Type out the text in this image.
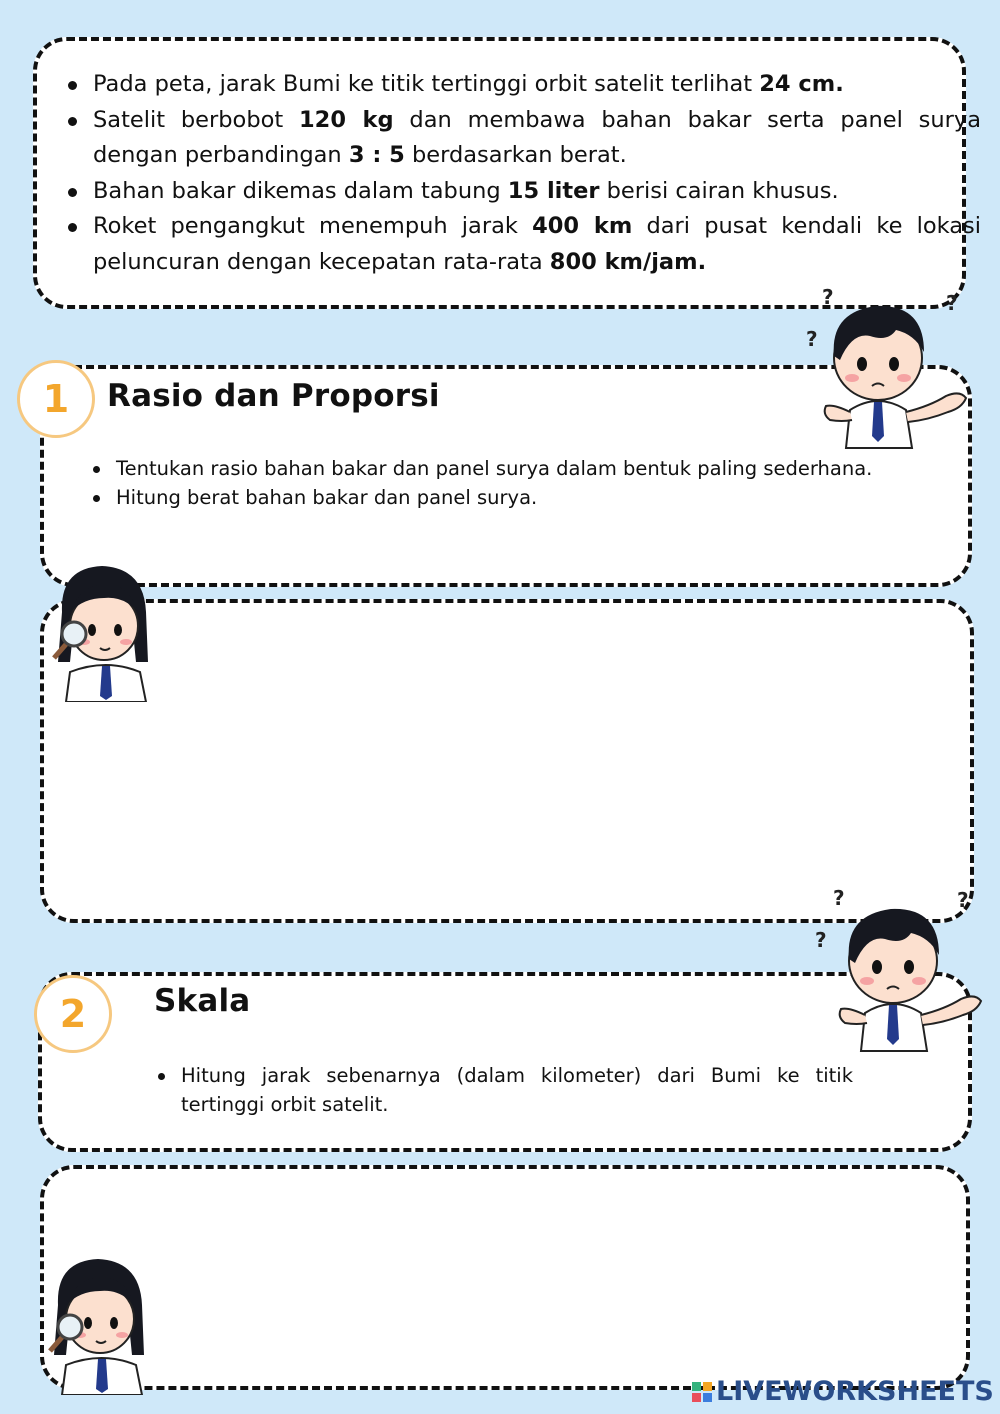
Pada peta, jarak Bumi ke titik tertinggi orbit satelit terlihat 24 cm.
Satelit berbobot 120 kg dan membawa bahan bakar serta panel surya dengan perbandingan 3 : 5 berdasarkan berat.
Bahan bakar dikemas dalam tabung 15 liter berisi cairan khusus.
Roket pengangkut menempuh jarak 400 km dari pusat kendali ke lokasi peluncuran dengan kecepatan rata-rata 800 km/jam.
1	Rasio dan Proporsi
Tentukan rasio bahan bakar dan panel surya dalam bentuk paling sederhana.
Hitung berat bahan bakar dan panel surya.
2	Skala
Hitung jarak sebenarnya (dalam kilometer) dari Bumi ke titik tertinggi orbit satelit.
?
?
?
?
?
?
LIVEWORKSHEETS
